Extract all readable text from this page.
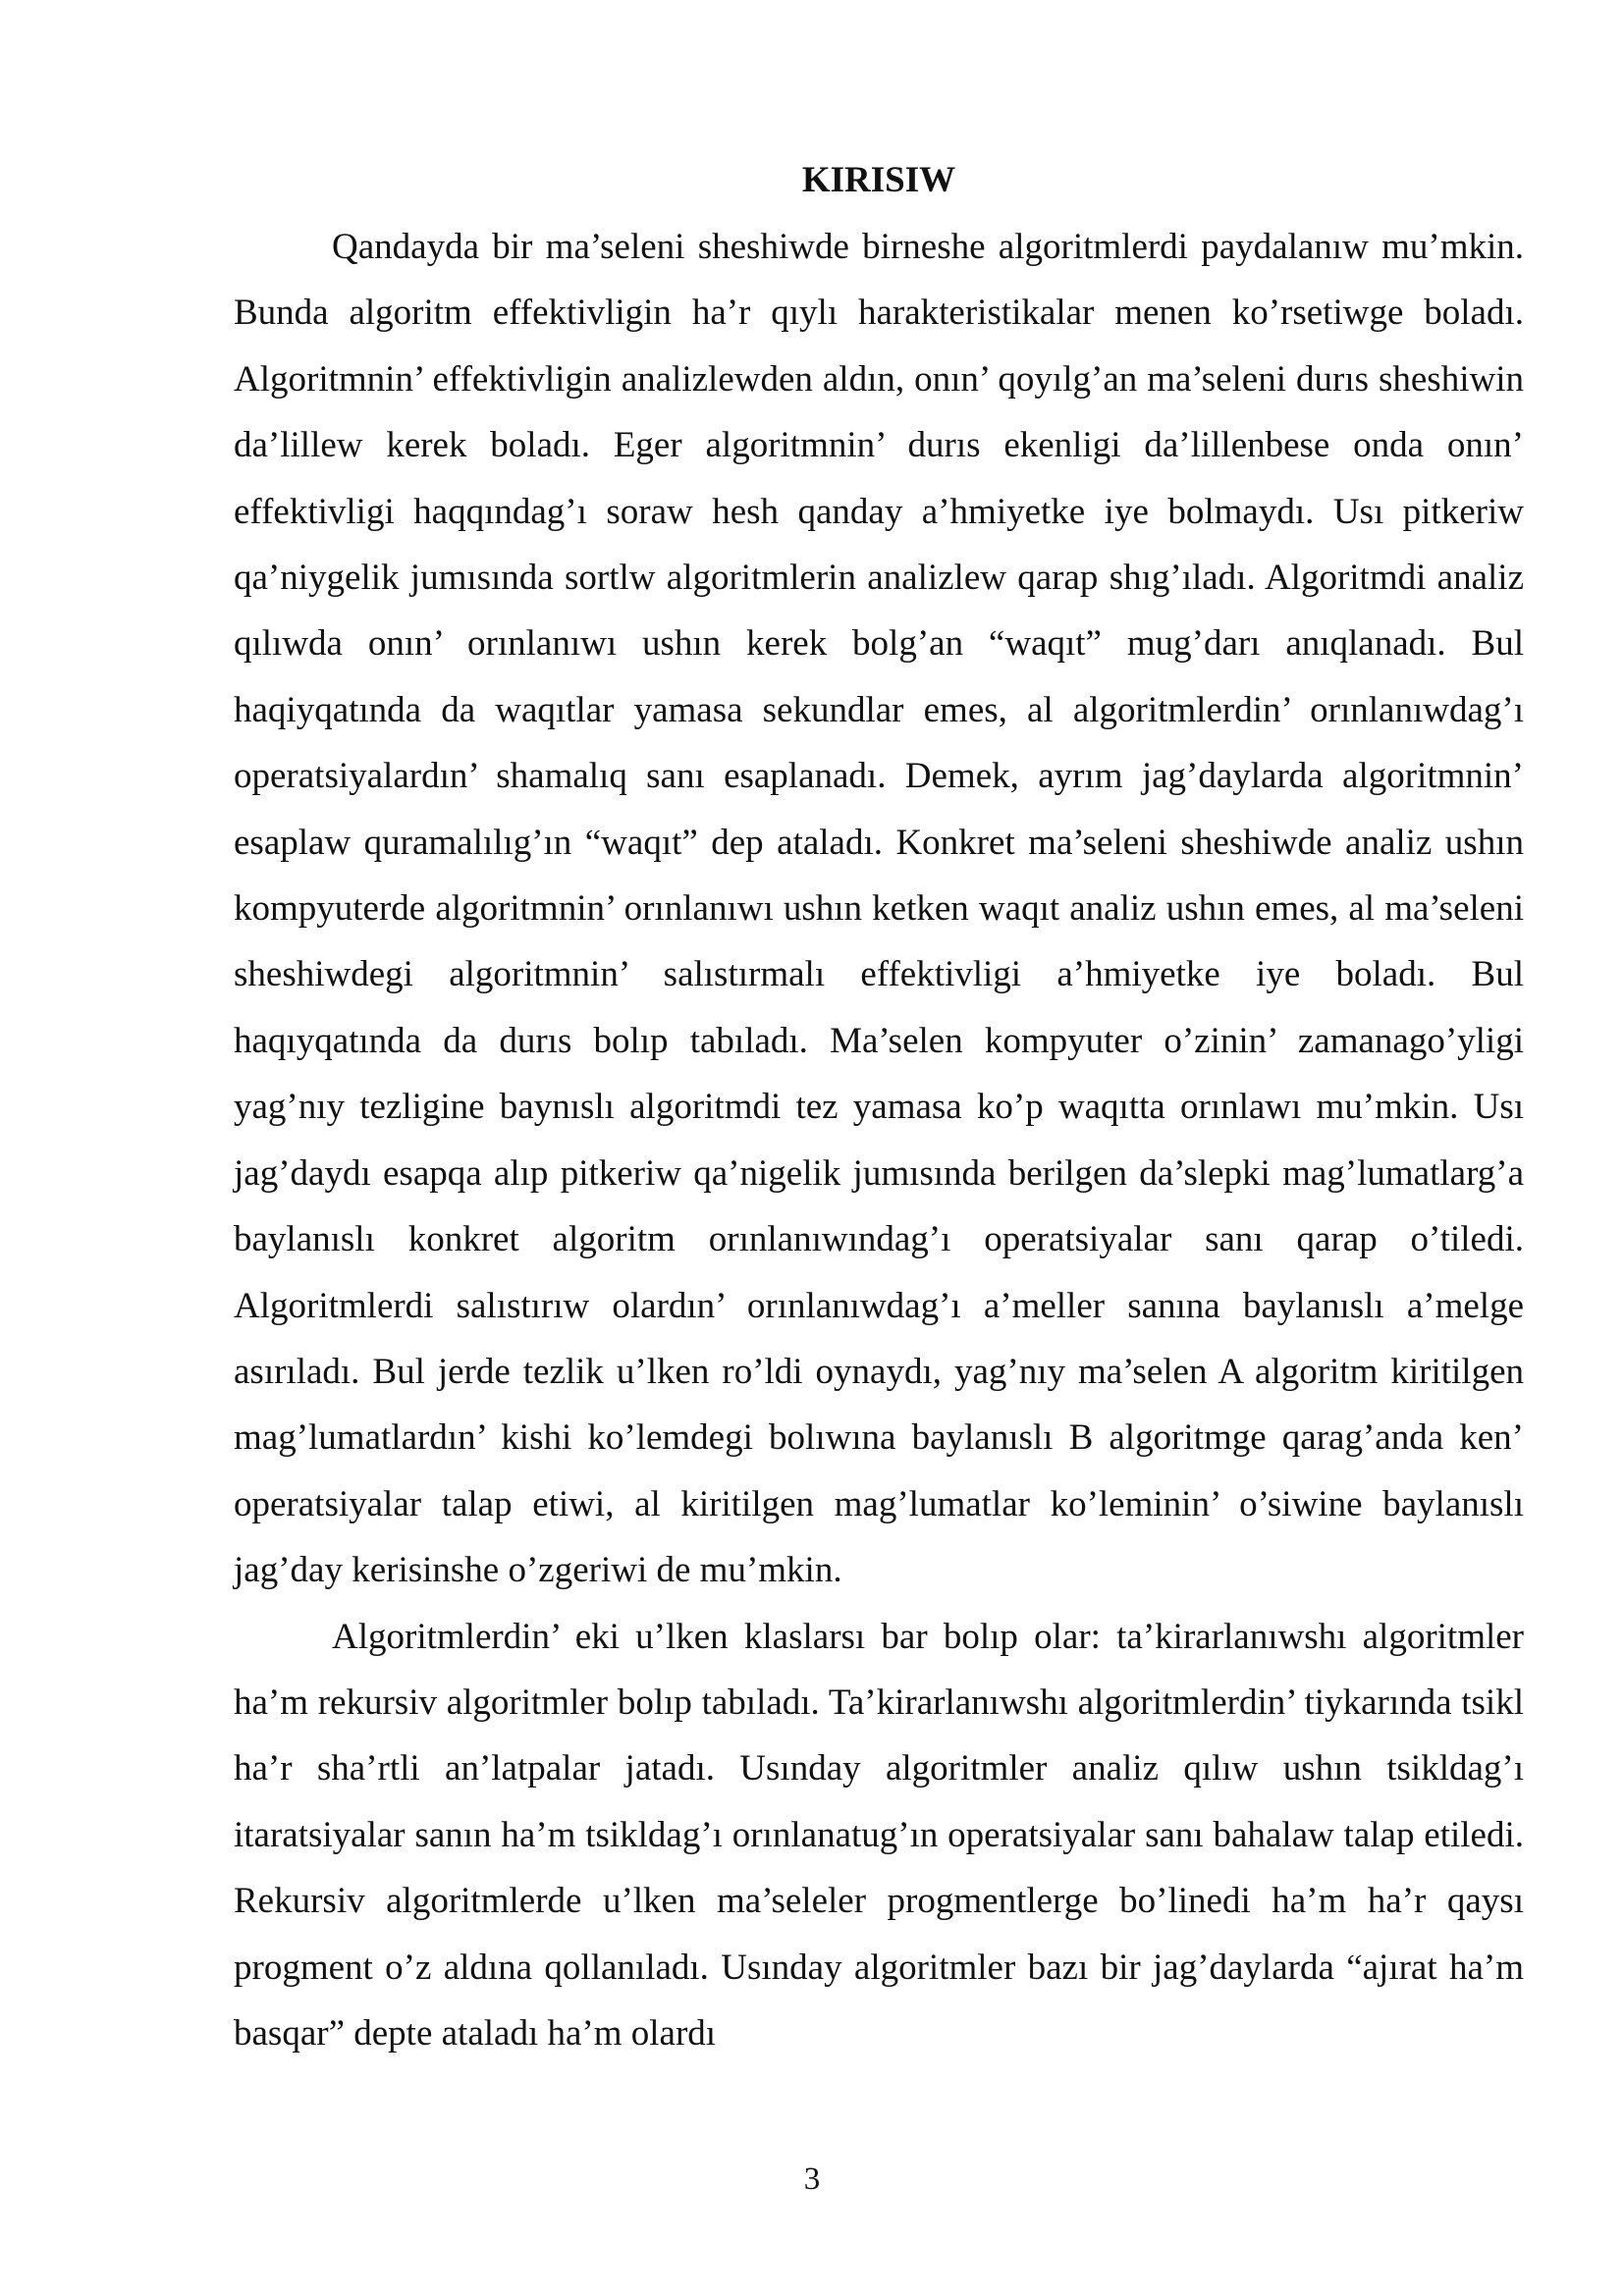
KIRISIW

Qandayda bir ma’seleni sheshiwde birneshe algoritmlerdi paydalanıw mu’mkin. Bunda algoritm effektivligin ha’r qıylı harakteristikalar menen ko’rsetiwge boladı. Algoritmnin’ effektivligin analizlewden aldın, onın’ qoyılg’an ma’seleni durıs sheshiwin da’lillew kerek boladı. Eger algoritmnin’ durıs ekenligi da’lillenbese onda onın’ effektivligi haqqındag’ı soraw hesh qanday a’hmiyetke iye bolmaydı. Usı pitkeriw qa’niygelik jumısında sortlw algoritmlerin analizlew qarap shıg’ıladı. Algoritmdi analiz qılıwda onın’ orınlanıwı ushın kerek bolg’an “waqıt” mug’darı anıqlanadı. Bul haqiyqatında da waqıtlar yamasa sekundlar emes, al algoritmlerdin’ orınlanıwdag’ı operatsiyalardın’ shamalıq sanı esaplanadı. Demek, ayrım jag’daylarda algoritmnin’ esaplaw quramalılıg’ın “waqıt” dep ataladı. Konkret ma’seleni sheshiwde analiz ushın kompyuterde algoritmnin’ orınlanıwı ushın ketken waqıt analiz ushın emes, al ma’seleni sheshiwdegi algoritmnin’ salıstırmalı effektivligi a’hmiyetke iye boladı. Bul haqıyqatında da durıs bolıp tabıladı. Ma’selen kompyuter o’zinin’ zamanago’yligi yag’nıy tezligine baynıslı algoritmdi tez yamasa ko’p waqıtta orınlawı mu’mkin. Usı jag’daydı esapqa alıp pitkeriw qa’nigelik jumısında berilgen da’slepki mag’lumatlarg’a baylanıslı konkret algoritm orınlanıwındag’ı operatsiyalar sanı qarap o’tiledi. Algoritmlerdi salıstırıw olardın’ orınlanıwdag’ı a’meller sanına baylanıslı a’melge asırıladı. Bul jerde tezlik u’lken ro’ldi oynaydı, yag’nıy ma’selen A algoritm kiritilgen mag’lumatlardın’ kishi ko’lemdegi bolıwına baylanıslı B algoritmge qarag’anda ken’ operatsiyalar talap etiwi, al kiritilgen mag’lumatlar ko’leminin’ o’siwine baylanıslı jag’day kerisinshe o’zgeriwi de mu’mkin.

Algoritmlerdin’ eki u’lken klaslarsı bar bolıp olar: ta’kirarlanıwshı algoritmler ha’m rekursiv algoritmler bolıp tabıladı. Ta’kirarlanıwshı algoritmlerdin’ tiykarında tsikl ha’r sha’rtli an’latpalar jatadı. Usınday algoritmler analiz qılıw ushın tsikldag’ı itaratsiyalar sanın ha’m tsikldag’ı orınlanatug’ın operatsiyalar sanı bahalaw talap etiledi. Rekursiv algoritmlerde u’lken ma’seleler progmentlerge bo’linedi ha’m ha’r qaysı progment o’z aldına qollanıladı. Usınday algoritmler bazı bir jag’daylarda “ajırat ha’m basqar” depte ataladı ha’m olardı

3
